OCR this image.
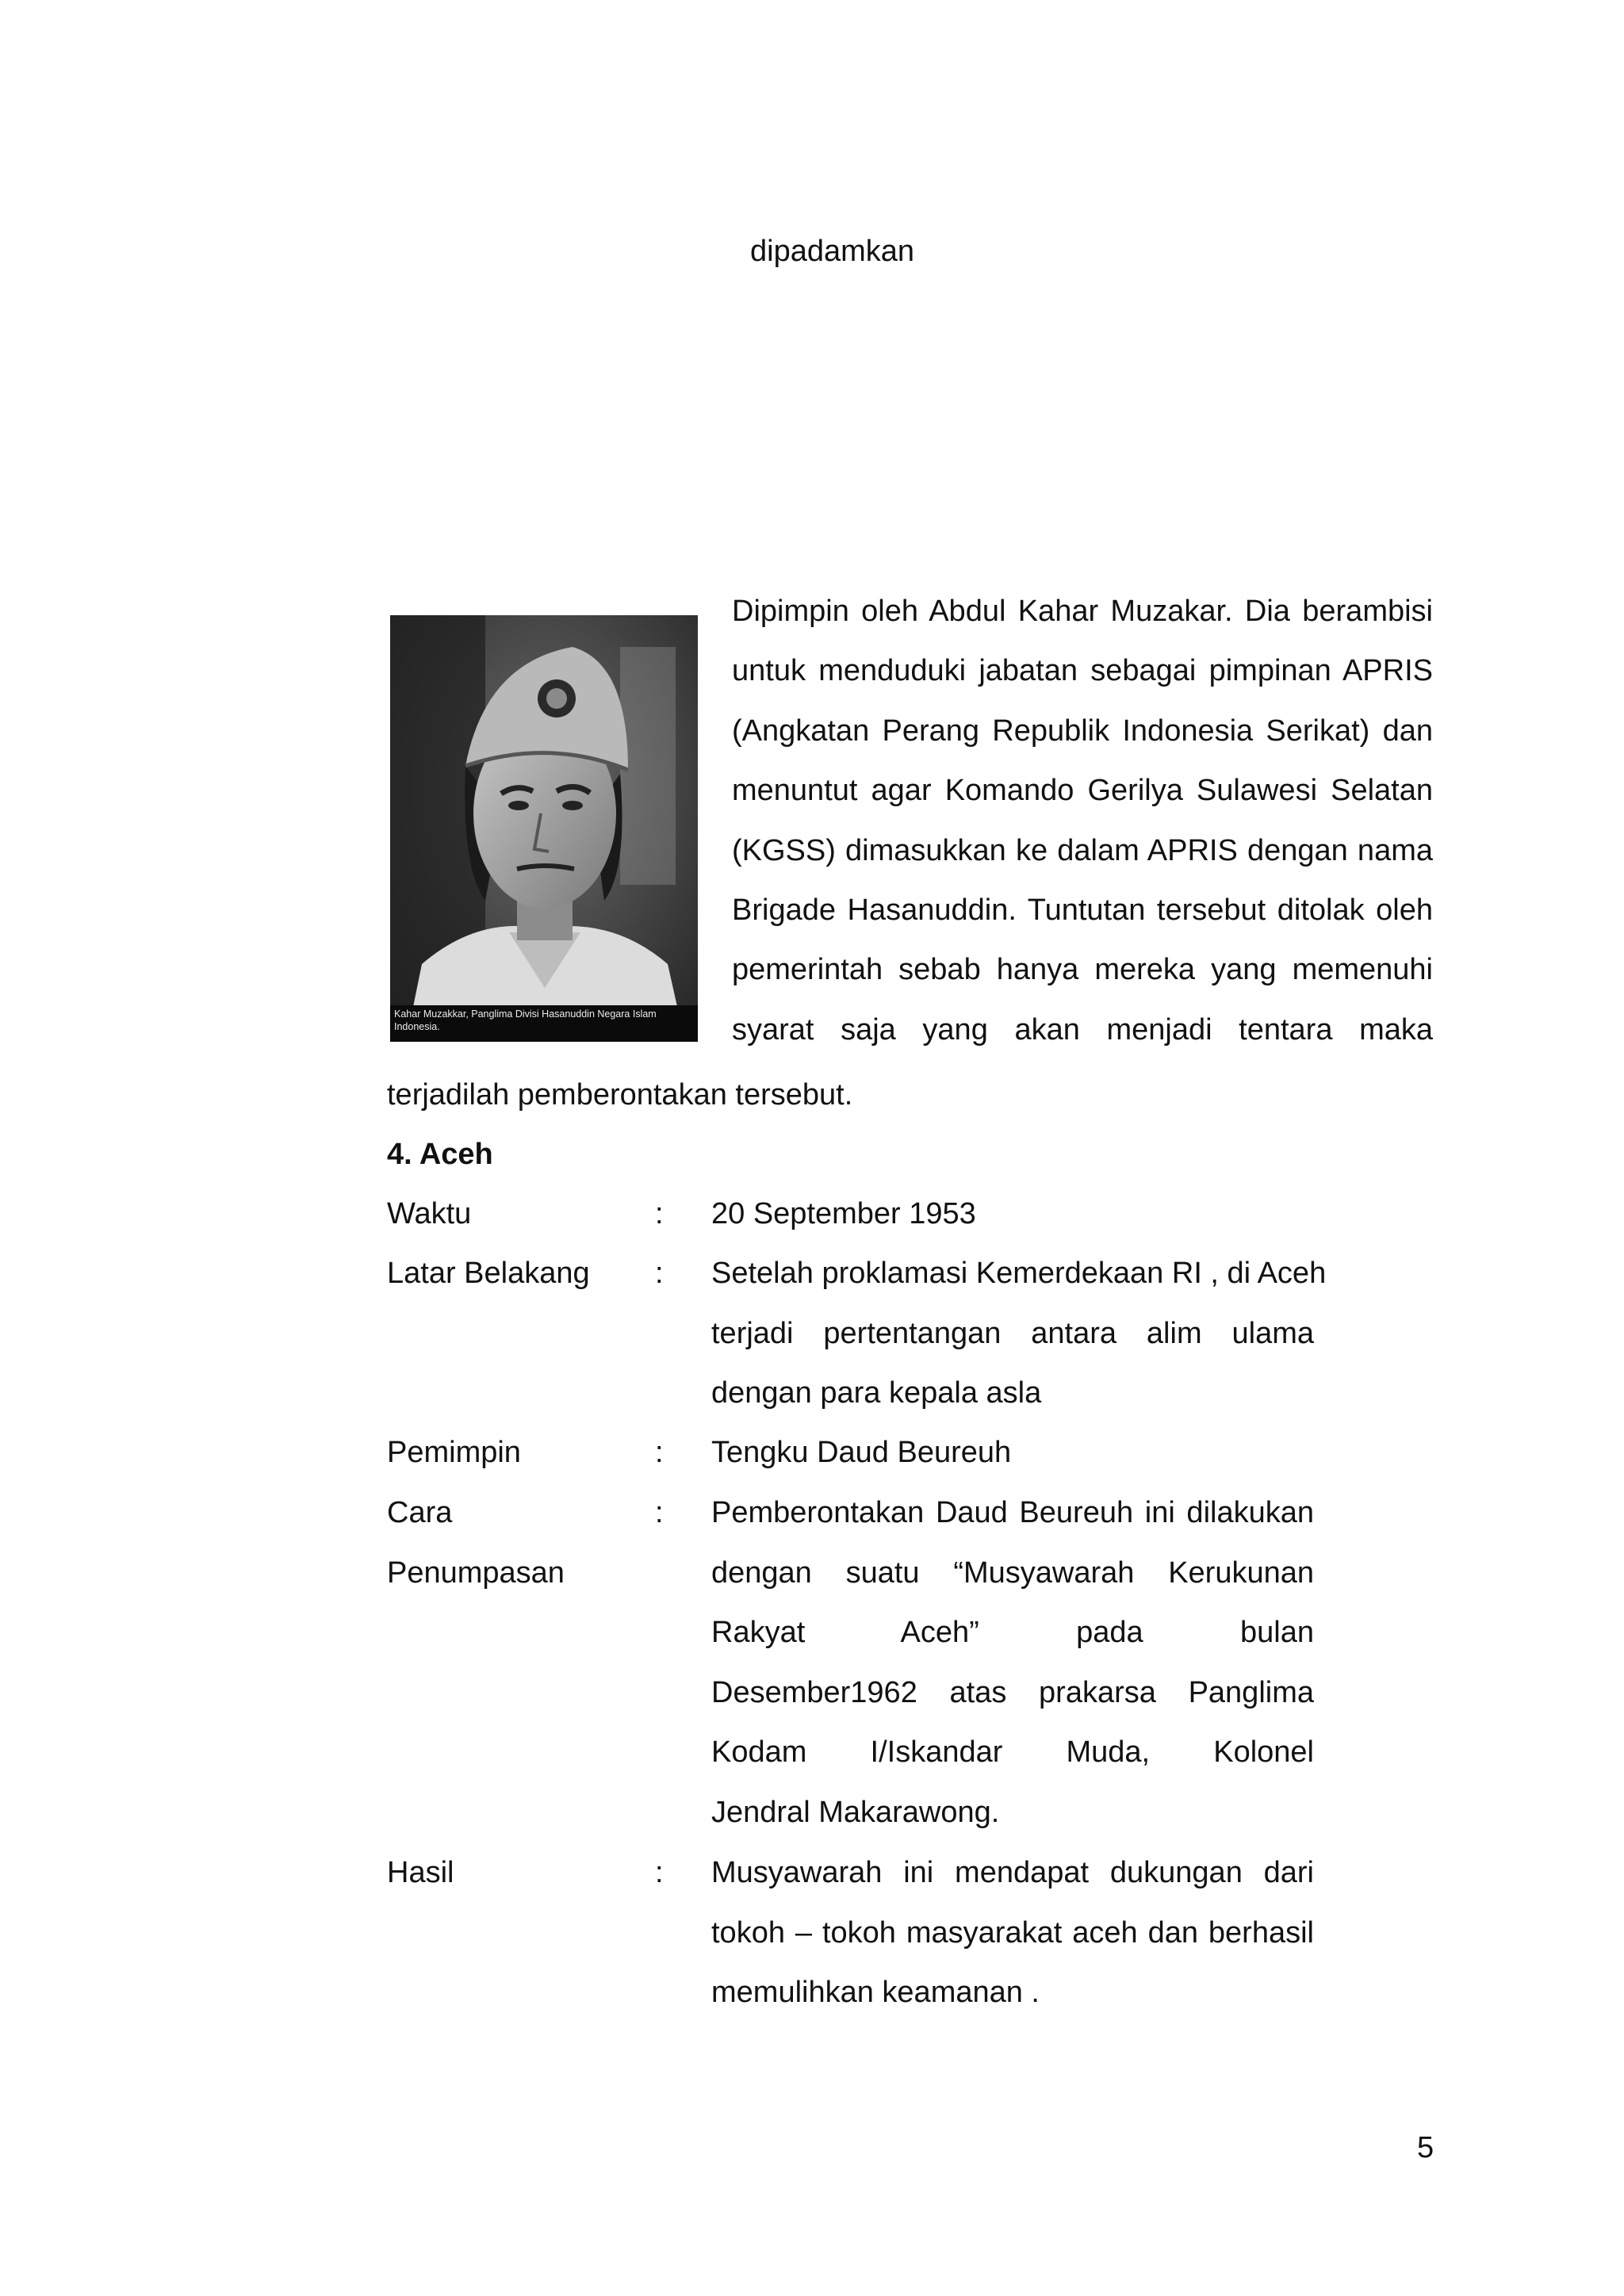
dipadamkan
Kahar Muzakkar, Panglima Divisi Hasanuddin Negara Islam Indonesia.
Dipimpin oleh Abdul Kahar Muzakar. Dia berambisi
untuk menduduki jabatan sebagai pimpinan APRIS
(Angkatan Perang Republik Indonesia Serikat) dan
menuntut agar Komando Gerilya Sulawesi Selatan
(KGSS) dimasukkan ke dalam APRIS dengan nama
Brigade Hasanuddin. Tuntutan tersebut ditolak oleh
pemerintah sebab hanya mereka yang memenuhi
syarat saja yang akan menjadi tentara maka
terjadilah pemberontakan tersebut.
4. Aceh
Waktu	: 20 September 1953
Latar Belakang : Setelah proklamasi Kemerdekaan RI , di Aceh
terjadi pertentangan antara alim ulama
dengan para kepala asla
Pemimpin	: Tengku Daud Beureuh
Cara
Penumpasan
: Pemberontakan Daud Beureuh ini dilakukan
dengan suatu “Musyawarah Kerukunan
Rakyat Aceh” pada bulan
Desember1962 atas prakarsa Panglima
Kodam I/Iskandar Muda, Kolonel
Jendral Makarawong.
Hasil	: Musyawarah ini mendapat dukungan dari
tokoh – tokoh masyarakat aceh dan berhasil
memulihkan keamanan .
5
